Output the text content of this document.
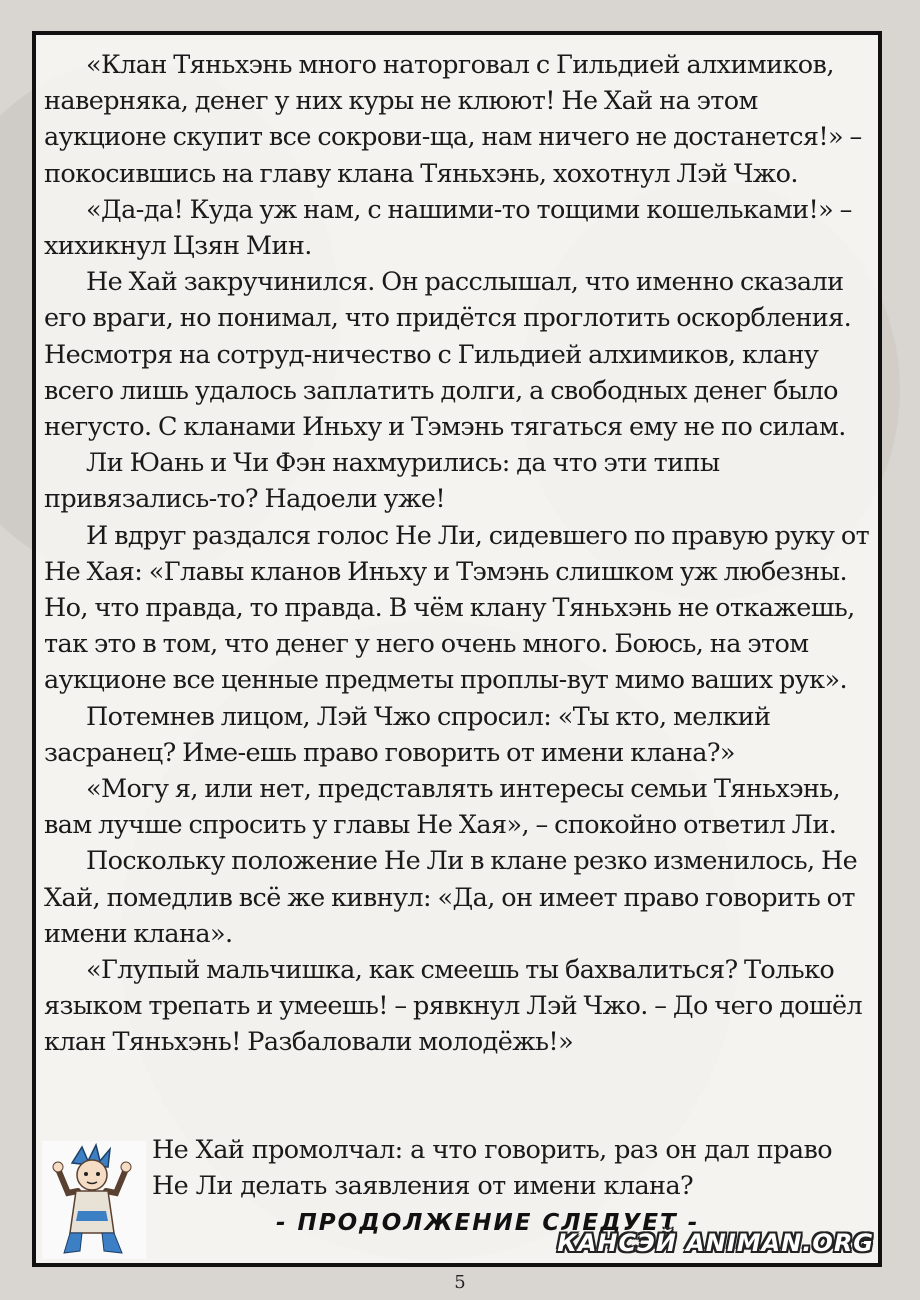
«Клан Тяньхэнь много наторговал с Гильдией алхимиков, наверняка, денег у них куры не клюют! Не Хай на этом аукционе скупит все сокрови-ща, нам ничего не достанется!» – покосившись на главу клана Тяньхэнь, хохотнул Лэй Чжо.

«Да-да! Куда уж нам, с нашими-то тощими кошельками!» – хихикнул Цзян Мин.

Не Хай закручинился. Он расслышал, что именно сказали его враги, но понимал, что придётся проглотить оскорбления. Несмотря на сотруд-ничество с Гильдией алхимиков, клану всего лишь удалось заплатить долги, а свободных денег было негусто. С кланами Иньху и Тэмэнь тягаться ему не по силам.

Ли Юань и Чи Фэн нахмурились: да что эти типы привязались-то? Надоели уже!

И вдруг раздался голос Не Ли, сидевшего по правую руку от Не Хая: «Главы кланов Иньху и Тэмэнь слишком уж любезны. Но, что правда, то правда. В чём клану Тяньхэнь не откажешь, так это в том, что денег у него очень много. Боюсь, на этом аукционе все ценные предметы проплы-вут мимо ваших рук».

Потемнев лицом, Лэй Чжо спросил: «Ты кто, мелкий засранец? Име-ешь право говорить от имени клана?»

«Могу я, или нет, представлять интересы семьи Тяньхэнь, вам лучше спросить у главы Не Хая», – спокойно ответил Ли.

Поскольку положение Не Ли в клане резко изменилось, Не Хай, помедлив всё же кивнул: «Да, он имеет право говорить от имени клана».

«Глупый мальчишка, как смеешь ты бахвалиться? Только языком трепать и умеешь! – рявкнул Лэй Чжо. – До чего дошёл клан Тяньхэнь! Разбаловали молодёжь!»

Не Хай промолчал: а что говорить, раз он дал право Не Ли делать заявления от имени клана?

- ПРОДОЛЖЕНИЕ СЛЕДУЕТ -
КАНСЭЙ ANIMAN.ORG
5
